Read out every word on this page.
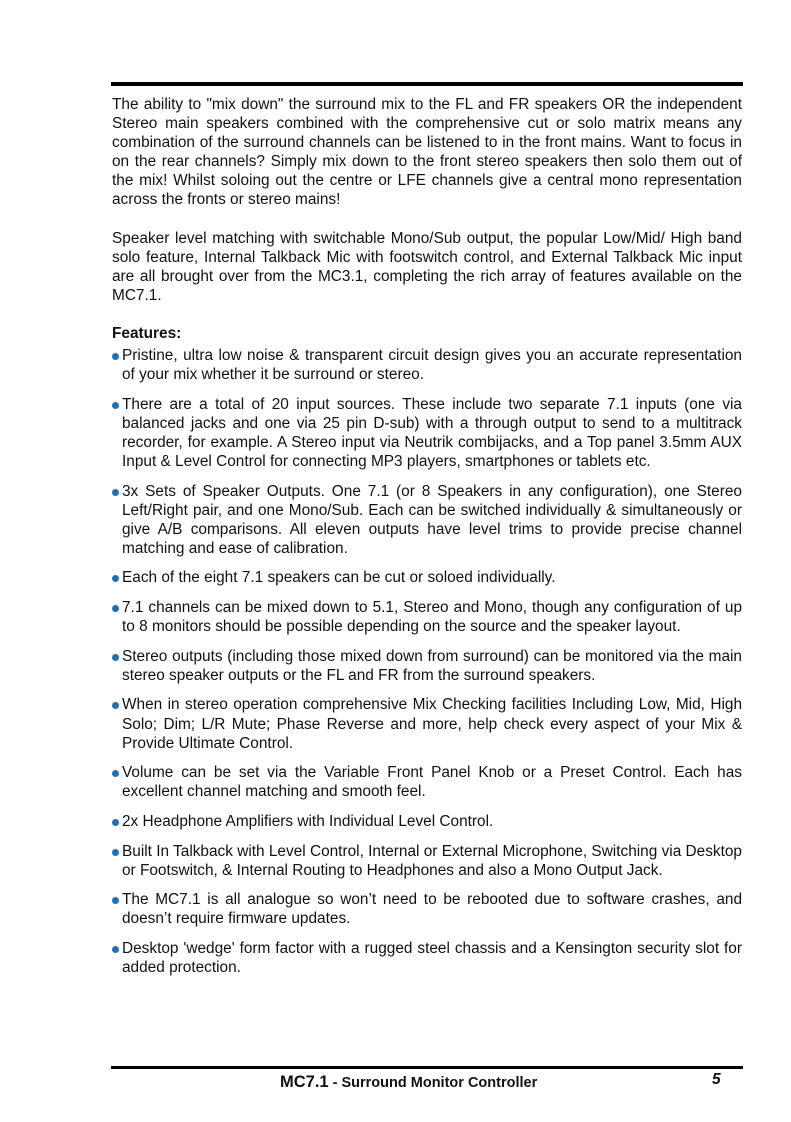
The ability to "mix down" the surround mix to the FL and FR speakers OR the independent Stereo main speakers combined with the comprehensive cut or solo matrix means any combination of the surround channels can be listened to in the front mains. Want to focus in on the rear channels? Simply mix down to the front stereo speakers then solo them out of the mix! Whilst soloing out the centre or LFE channels give a central mono representation across the fronts or stereo mains!

Speaker level matching with switchable Mono/Sub output, the popular Low/Mid/ High band solo feature, Internal Talkback Mic with footswitch control, and External Talkback Mic input are all brought over from the MC3.1, completing the rich array of features available on the MC7.1.

Features:
Pristine, ultra low noise & transparent circuit design gives you an accurate representation of your mix whether it be surround or stereo.
There are a total of 20 input sources. These include two separate 7.1 inputs (one via balanced jacks and one via 25 pin D-sub) with a through output to send to a multitrack recorder, for example. A Stereo input via Neutrik combijacks, and a Top panel 3.5mm AUX Input & Level Control for connecting MP3 players, smartphones or tablets etc.
3x Sets of Speaker Outputs. One 7.1 (or 8 Speakers in any configuration), one Stereo Left/Right pair, and one Mono/Sub. Each can be switched individually & simultaneously or give A/B comparisons. All eleven outputs have level trims to provide precise channel matching and ease of calibration.
Each of the eight 7.1 speakers can be cut or soloed individually.
7.1 channels can be mixed down to 5.1, Stereo and Mono, though any configuration of up to 8 monitors should be possible depending on the source and the speaker layout.
Stereo outputs (including those mixed down from surround) can be monitored via the main stereo speaker outputs or the FL and FR from the surround speakers.
When in stereo operation comprehensive Mix Checking facilities Including Low, Mid, High Solo; Dim; L/R Mute; Phase Reverse and more, help check every aspect of your Mix & Provide Ultimate Control.
Volume can be set via the Variable Front Panel Knob or a Preset Control. Each has excellent channel matching and smooth feel.
2x Headphone Amplifiers with Individual Level Control.
Built In Talkback with Level Control, Internal or External Microphone, Switching via Desktop or Footswitch, & Internal Routing to Headphones and also a Mono Output Jack.
The MC7.1 is all analogue so won’t need to be rebooted due to software crashes, and doesn’t require firmware updates.
Desktop 'wedge' form factor with a rugged steel chassis and a Kensington security slot for added protection.
MC7.1 - Surround Monitor Controller	5
